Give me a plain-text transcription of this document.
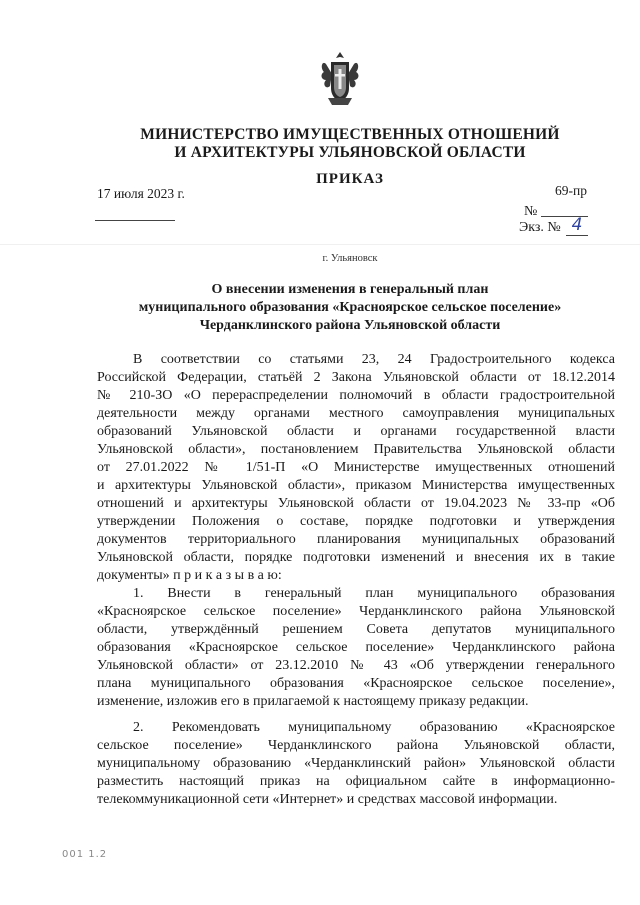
МИНИСТЕРСТВО ИМУЩЕСТВЕННЫХ ОТНОШЕНИЙ
И АРХИТЕКТУРЫ УЛЬЯНОВСКОЙ ОБЛАСТИ
ПРИКАЗ
17 июля 2023 г.	69-пр
№
Экз. № 4
г. Ульяновск
О внесении изменения в генеральный план
муниципального образования «Красноярское сельское поселение»
Черданклинского района Ульяновской области
В соответствии со статьями 23, 24 Градостроительного кодекса
Российской Федерации, статьёй 2 Закона Ульяновской области от 18.12.2014
№ 210-ЗО «О перераспределении полномочий в области градостроительной
деятельности между органами местного самоуправления муниципальных
образований Ульяновской области и органами государственной власти
Ульяновской области», постановлением Правительства Ульяновской области
от 27.01.2022 № 1/51-П «О Министерстве имущественных отношений
и архитектуры Ульяновской области», приказом Министерства имущественных
отношений и архитектуры Ульяновской области от 19.04.2023 № 33-пр «Об
утверждении Положения о составе, порядке подготовки и утверждения
документов территориального планирования муниципальных образований
Ульяновской области, порядке подготовки изменений и внесения их в такие
документы» п р и к а з ы в а ю:
1. Внести в генеральный план муниципального образования
«Красноярское сельское поселение» Черданклинского района Ульяновской
области, утверждённый решением Совета депутатов муниципального
образования «Красноярское сельское поселение» Черданклинского района
Ульяновской области» от 23.12.2010 № 43 «Об утверждении генерального
плана муниципального образования «Красноярское сельское поселение»,
изменение, изложив его в прилагаемой к настоящему приказу редакции.
2. Рекомендовать муниципальному образованию «Красноярское
сельское поселение» Черданклинского района Ульяновской области,
муниципальному образованию «Черданклинский район» Ульяновской области
разместить настоящий приказ на официальном сайте в информационно-
телекоммуникационной сети «Интернет» и средствах массовой информации.
001 1.2
